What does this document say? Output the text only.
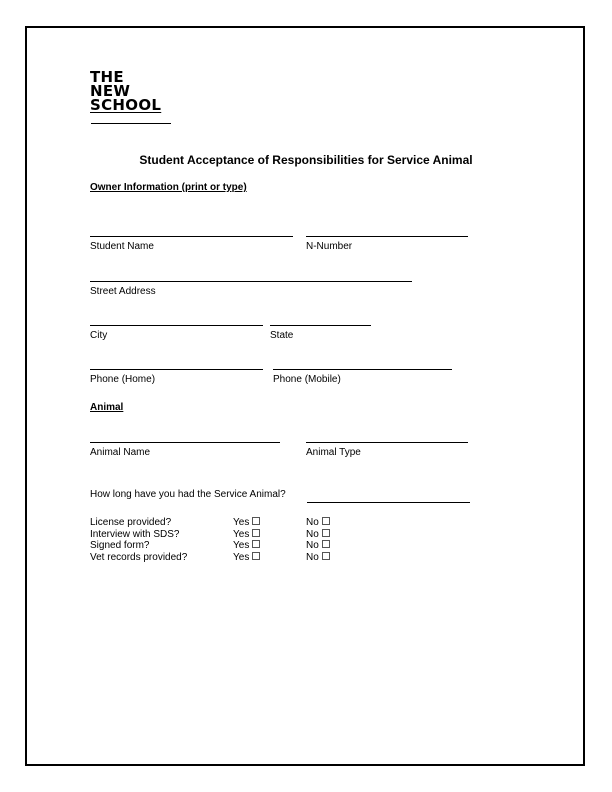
THE
NEW
SCHOOL
Student Acceptance of Responsibilities for Service Animal
Owner Information (print or type)
Student Name	N-Number
Street Address
City	State
Phone (Home)	Phone (Mobile)
Animal
Animal Name	Animal Type
How long have you had the Service Animal?
License provided?	Yes	No
Interview with SDS?	Yes	No
Signed form?	Yes	No
Vet records provided?	Yes	No
